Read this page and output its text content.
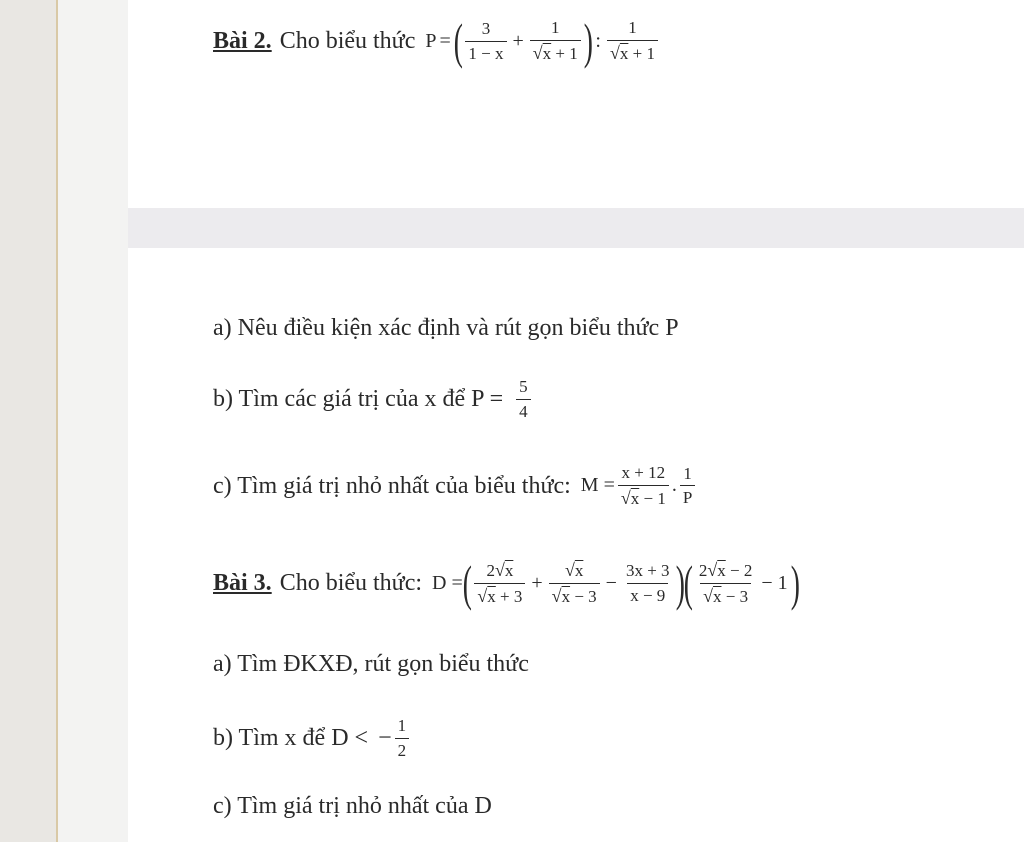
Bài 2. Cho biểu thức P = ( $\frac{3}{1 - x} + \frac{1}{√x + 1}$ ) : $\frac{1}{√x + 1}$
a) Nêu điều kiện xác định và rút gọn biểu thức P
b) Tìm các giá trị của x để $P = \frac{5}{4}$
c) Tìm giá trị nhỏ nhất của biểu thức: $M = \frac{x + 12}{√x - 1}$ . $\frac{1}{P}$
Bài 3. Cho biểu thức: D = ( $\frac{2√x}{√x + 3} + \frac{√x}{√x - 3} - \frac{3x + 3}{x - 9}$ ) ( $\frac{2√x - 2}{√x - 3} - 1$ )
a) Tìm ĐKXĐ, rút gọn biểu thức
b) Tìm x để D < − $\frac{1}{2}$
c) Tìm giá trị nhỏ nhất của D
